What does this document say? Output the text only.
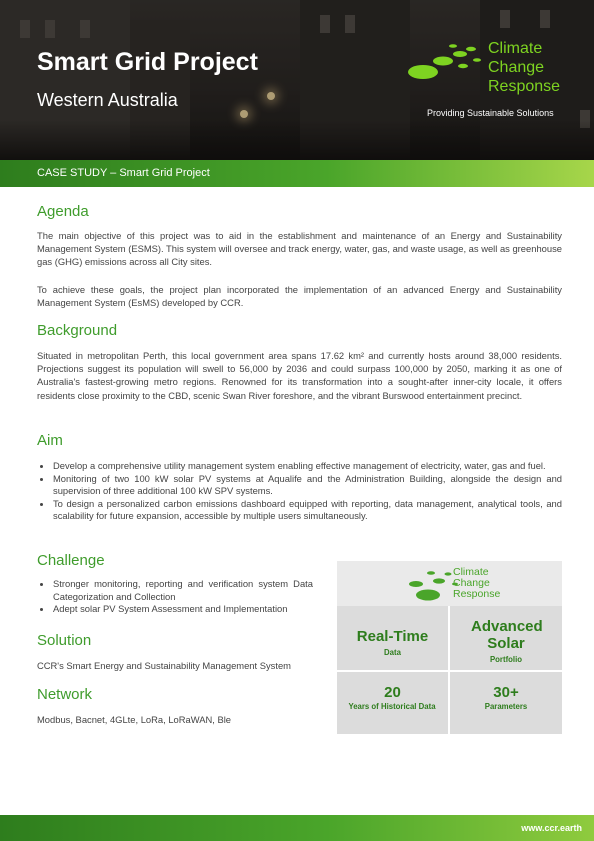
Smart Grid Project
Western Australia
Climate
Change
Response
Providing Sustainable Solutions
CASE STUDY – Smart Grid Project
Agenda

The main objective of this project was to aid in the establishment and maintenance of an Energy and Sustainability Management System (ESMS). This system will oversee and track energy, water, gas, and waste usage, as well as greenhouse gas (GHG) emissions across all City sites.

To achieve these goals, the project plan incorporated the implementation of an advanced Energy and Sustainability Management System (EsMS) developed by CCR.

Background

Situated in metropolitan Perth, this local government area spans 17.62 km² and currently hosts around 38,000 residents. Projections suggest its population will swell to 56,000 by 2036 and could surpass 100,000 by 2050, marking it as one of Australia's fastest-growing metro regions. Renowned for its transformation into a sought-after inner-city locale, it offers residents close proximity to the CBD, scenic Swan River foreshore, and the vibrant Burswood entertainment precinct.

Aim
Develop a comprehensive utility management system enabling effective management of electricity, water, gas and fuel.
Monitoring of two 100 kW solar PV systems at Aqualife and the Administration Building, alongside the design and supervision of three additional 100 kW SPV systems.
To design a personalized carbon emissions dashboard equipped with reporting, data management, analytical tools, and scalability for future expansion, accessible by multiple users simultaneously.
Challenge
Stronger monitoring, reporting and verification system Data Categorization and Collection
Adept solar PV System Assessment and Implementation
Solution

CCR's Smart Energy and Sustainability Management System

Network

Modbus, Bacnet, 4GLte, LoRa, LoRaWAN, Ble

Climate
Change
Response
Real-Time
Data
Advanced Solar
Portfolio
20
Years of Historical Data
30+
Parameters
www.ccr.earth
